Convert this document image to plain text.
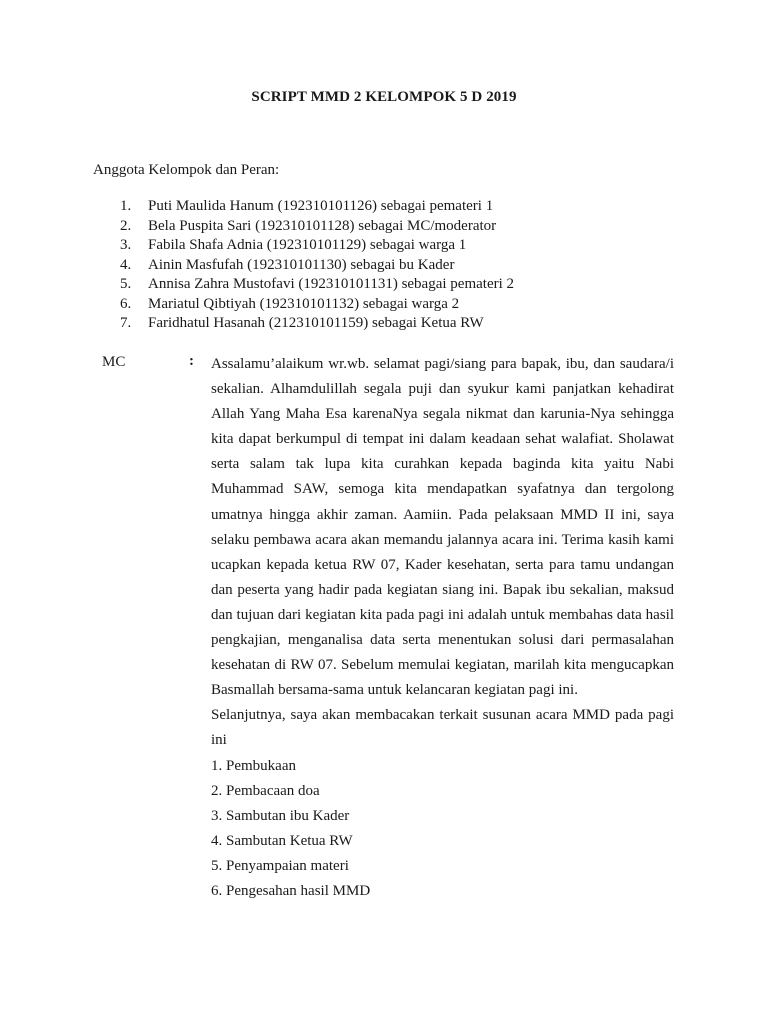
SCRIPT MMD 2 KELOMPOK 5 D 2019
Anggota Kelompok dan Peran:
1.	Puti Maulida Hanum (192310101126) sebagai pemateri 1
2.	Bela Puspita Sari (192310101128) sebagai MC/moderator
3.	Fabila Shafa Adnia (192310101129) sebagai warga 1
4.	Ainin Masfufah (192310101130) sebagai bu Kader
5.	Annisa Zahra Mustofavi (192310101131) sebagai pemateri 2
6.	Mariatul Qibtiyah (192310101132) sebagai warga 2
7.	Faridhatul Hasanah (212310101159) sebagai Ketua RW
MC	: Assalamu’alaikum wr.wb. selamat pagi/siang para bapak, ibu, dan saudara/i sekalian. Alhamdulillah segala puji dan syukur kami panjatkan kehadirat Allah Yang Maha Esa karenaNya segala nikmat dan karunia-Nya sehingga kita dapat berkumpul di tempat ini dalam keadaan sehat walafiat. Sholawat serta salam tak lupa kita curahkan kepada baginda kita yaitu Nabi Muhammad SAW, semoga kita mendapatkan syafatnya dan tergolong umatnya hingga akhir zaman. Aamiin. Pada pelaksaan MMD II ini, saya selaku pembawa acara akan memandu jalannya acara ini. Terima kasih kami ucapkan kepada ketua RW 07, Kader kesehatan, serta para tamu undangan dan peserta yang hadir pada kegiatan siang ini. Bapak ibu sekalian, maksud dan tujuan dari kegiatan kita pada pagi ini adalah untuk membahas data hasil pengkajian, menganalisa data serta menentukan solusi dari permasalahan kesehatan di RW 07. Sebelum memulai kegiatan, marilah kita mengucapkan Basmallah bersama-sama untuk kelancaran kegiatan pagi ini.

Selanjutnya, saya akan membacakan terkait susunan acara MMD pada pagi ini

1. Pembukaan
2. Pembacaan doa
3. Sambutan ibu Kader
4. Sambutan Ketua RW
5. Penyampaian materi
6. Pengesahan hasil MMD
